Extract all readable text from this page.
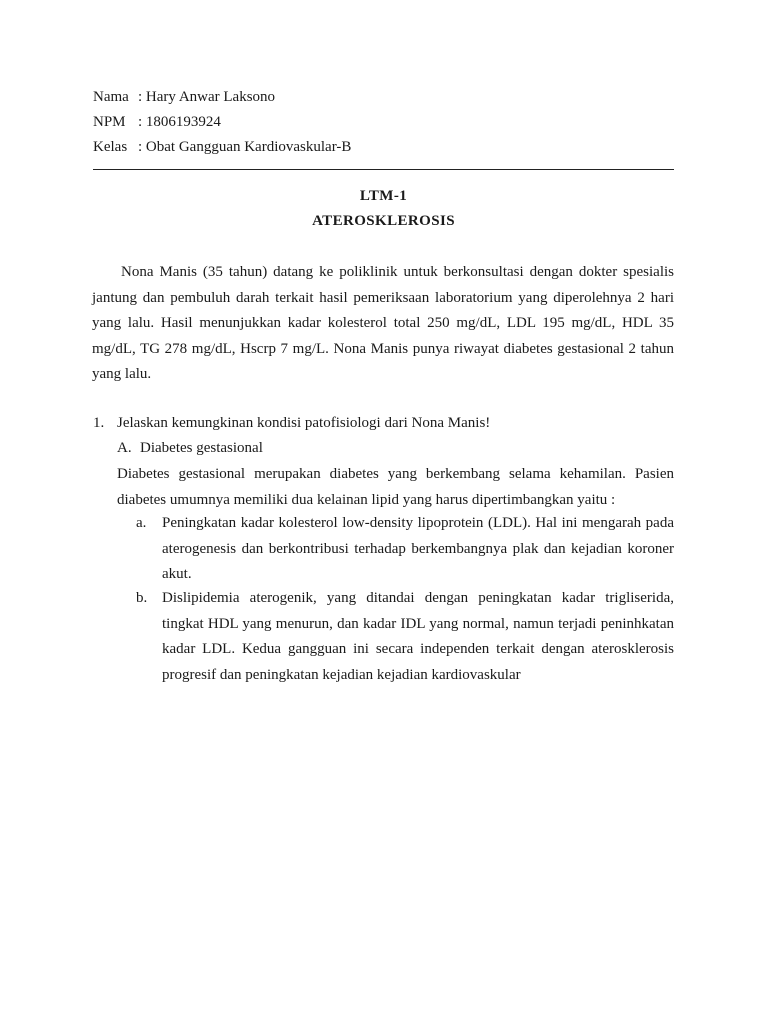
Nama : Hary Anwar Laksono
NPM : 1806193924
Kelas : Obat Gangguan Kardiovaskular-B
LTM-1
ATEROSKLEROSIS
Nona Manis (35 tahun) datang ke poliklinik untuk berkonsultasi dengan dokter spesialis jantung dan pembuluh darah terkait hasil pemeriksaan laboratorium yang diperolehnya 2 hari yang lalu. Hasil menunjukkan kadar kolesterol total 250 mg/dL, LDL 195 mg/dL, HDL 35 mg/dL, TG 278 mg/dL, Hscrp 7 mg/L. Nona Manis punya riwayat diabetes gestasional 2 tahun yang lalu.
1. Jelaskan kemungkinan kondisi patofisiologi dari Nona Manis!
A. Diabetes gestasional
Diabetes gestasional merupakan diabetes yang berkembang selama kehamilan. Pasien diabetes umumnya memiliki dua kelainan lipid yang harus dipertimbangkan yaitu :
a.	Peningkatan kadar kolesterol low-density lipoprotein (LDL). Hal ini mengarah pada aterogenesis dan berkontribusi terhadap berkembangnya plak dan kejadian koroner akut.
b. Dislipidemia aterogenik, yang ditandai dengan peningkatan kadar trigliserida, tingkat HDL yang menurun, dan kadar IDL yang normal, namun terjadi peninhkatan kadar LDL. Kedua gangguan ini secara independen terkait dengan aterosklerosis progresif dan peningkatan kejadian kejadian kardiovaskular
